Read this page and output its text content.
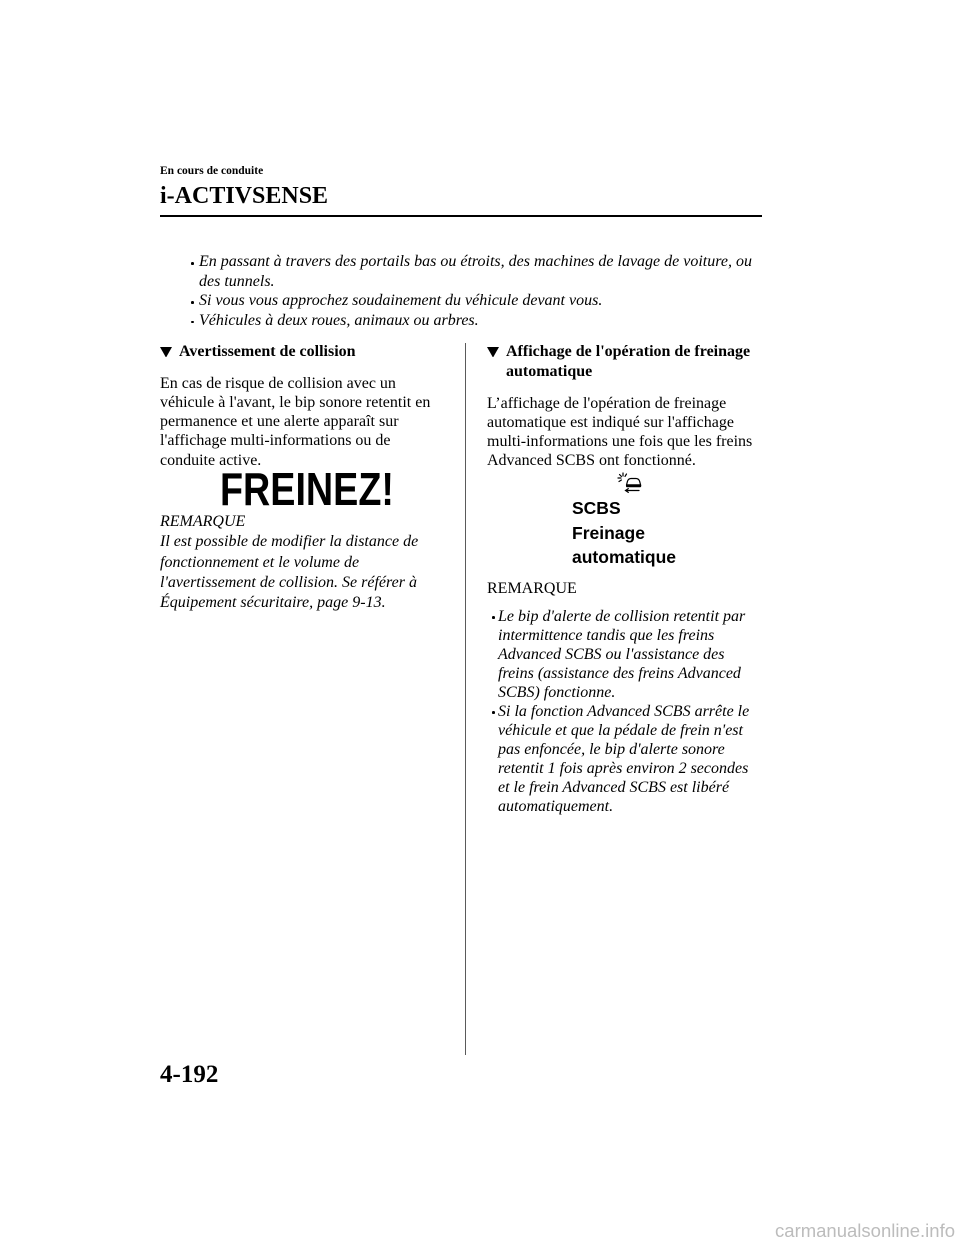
En cours de conduite
i-ACTIVSENSE
En passant à travers des portails bas ou étroits, des machines de lavage de voiture, ou
des tunnels.
Si vous vous approchez soudainement du véhicule devant vous.
Véhicules à deux roues, animaux ou arbres.
Avertissement de collision
En cas de risque de collision avec un
véhicule à l'avant, le bip sonore retentit en
permanence et une alerte apparaît sur
l'affichage multi-informations ou de
conduite active.
FREINEZ!
REMARQUE
Il est possible de modifier la distance de
fonctionnement et le volume de
l'avertissement de collision. Se référer à
Équipement sécuritaire, page 9-13.
Affichage de l'opération de freinage
automatique
L’affichage de l'opération de freinage
automatique est indiqué sur l'affichage
multi-informations une fois que les freins
Advanced SCBS ont fonctionné.
SCBS
Freinage
automatique
REMARQUE
Le bip d'alerte de collision retentit par
intermittence tandis que les freins
Advanced SCBS ou l'assistance des
freins (assistance des freins Advanced
SCBS) fonctionne.
Si la fonction Advanced SCBS arrête le
véhicule et que la pédale de frein n'est
pas enfoncée, le bip d'alerte sonore
retentit 1 fois après environ 2 secondes
et le frein Advanced SCBS est libéré
automatiquement.
4-192
carmanualsonline.info
